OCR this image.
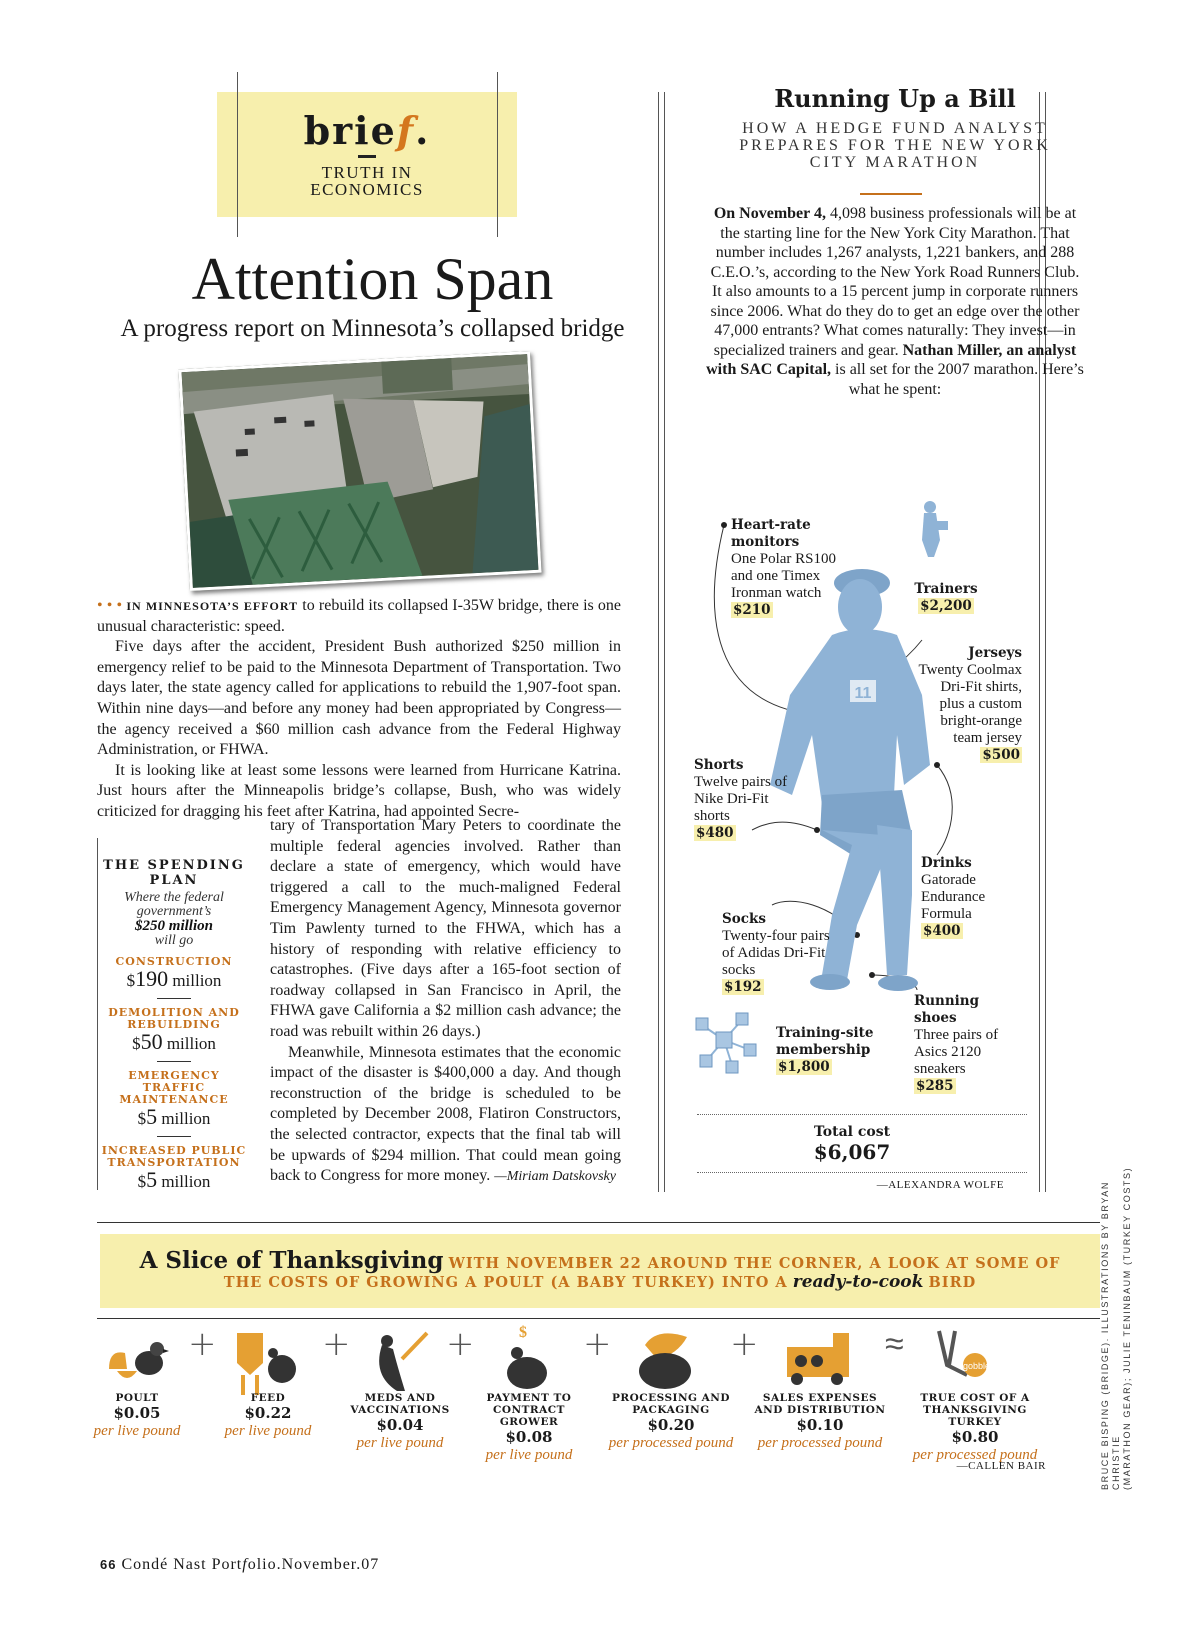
brief.
TRUTH IN
ECONOMICS
Attention Span
A progress report on Minnesota’s collapsed bridge

• • • IN MINNESOTA’S EFFORT to rebuild its collapsed I-35W bridge, there is one unusual characteristic: speed.

Five days after the accident, President Bush authorized $250 million in emergency relief to be paid to the Minnesota Department of Transportation. Two days later, the state agency called for applications to rebuild the 1,907-foot span. Within nine days—and before any money had been appropriated by Congress—the agency received a $60 million cash advance from the Federal Highway Administration, or FHWA.

It is looking like at least some lessons were learned from Hurricane Katrina. Just hours after the Minneapolis bridge’s collapse, Bush, who was widely criticized for dragging his feet after Katrina, had appointed Secre-

tary of Transportation Mary Peters to coordinate the multiple federal agencies involved. Rather than declare a state of emergency, which would have triggered a call to the much-maligned Federal Emergency Management Agency, Minnesota governor Tim Pawlenty turned to the FHWA, which has a history of responding with relative efficiency to catastrophes. (Five days after a 165-foot section of roadway collapsed in San Francisco in April, the FHWA gave California a $2 million cash advance; the road was rebuilt within 26 days.)

Meanwhile, Minnesota estimates that the economic impact of the disaster is $400,000 a day. And though reconstruction of the bridge is scheduled to be completed by December 2008, Flatiron Constructors, the selected contractor, expects that the final tab will be upwards of $294 million. That could mean going back to Congress for more money. —Miriam Datskovsky

THE SPENDING PLAN
Where the federal government’s
$250 million
will go
CONSTRUCTION
$190 million
DEMOLITION AND REBUILDING
$50 million
EMERGENCY TRAFFIC MAINTENANCE
$5 million
INCREASED PUBLIC TRANSPORTATION
$5 million
Running Up a Bill
HOW A HEDGE FUND ANALYST PREPARES FOR THE NEW YORK CITY MARATHON
On November 4, 4,098 business professionals will be at the starting line for the New York City Marathon. That number includes 1,267 analysts, 1,221 bankers, and 288 C.E.O.’s, according to the New York Road Runners Club. It also amounts to a 15 percent jump in corporate runners since 2006. What do they do to get an edge over the other 47,000 entrants? What comes naturally: They invest—in specialized trainers and gear. Nathan Miller, an analyst with SAC Capital, is all set for the 2007 marathon. Here’s what he spent:
11
Heart-rate monitors
One Polar RS100 and one Timex Ironman watch
$210
Trainers
$2,200
Jerseys
Twenty Coolmax Dri-Fit shirts, plus a custom bright-orange team jersey
$500
Shorts
Twelve pairs of Nike Dri-Fit shorts
$480
Drinks
Gatorade Endurance Formula
$400
Socks
Twenty-four pairs of Adidas Dri-Fit socks
$192
Running shoes
Three pairs of Asics 2120 sneakers
$285
Training-site membership
$1,800
Total cost
$6,067
—ALEXANDRA WOLFE
A Slice of Thanksgiving WITH NOVEMBER 22 AROUND THE CORNER, A LOOK AT SOME OF
THE COSTS OF GROWING A POULT (A BABY TURKEY) INTO A ready-to-cook BIRD
$
gobble
+	+	+	+	+	≈
POULT
$0.05
per live pound
FEED
$0.22
per live pound
MEDS AND VACCINATIONS
$0.04
per live pound
PAYMENT TO CONTRACT GROWER
$0.08
per live pound
PROCESSING AND PACKAGING
$0.20
per processed pound
SALES EXPENSES AND DISTRIBUTION
$0.10
per processed pound
TRUE COST OF A THANKSGIVING TURKEY
$0.80
per processed pound
—CALLEN BAIR	BRUCE BISPING (BRIDGE). ILLUSTRATIONS BY BRYAN CHRISTIE (MARATHON GEAR); JULIE TENINBAUM (TURKEY COSTS)
66 Condé Nast Portfolio.November.07
